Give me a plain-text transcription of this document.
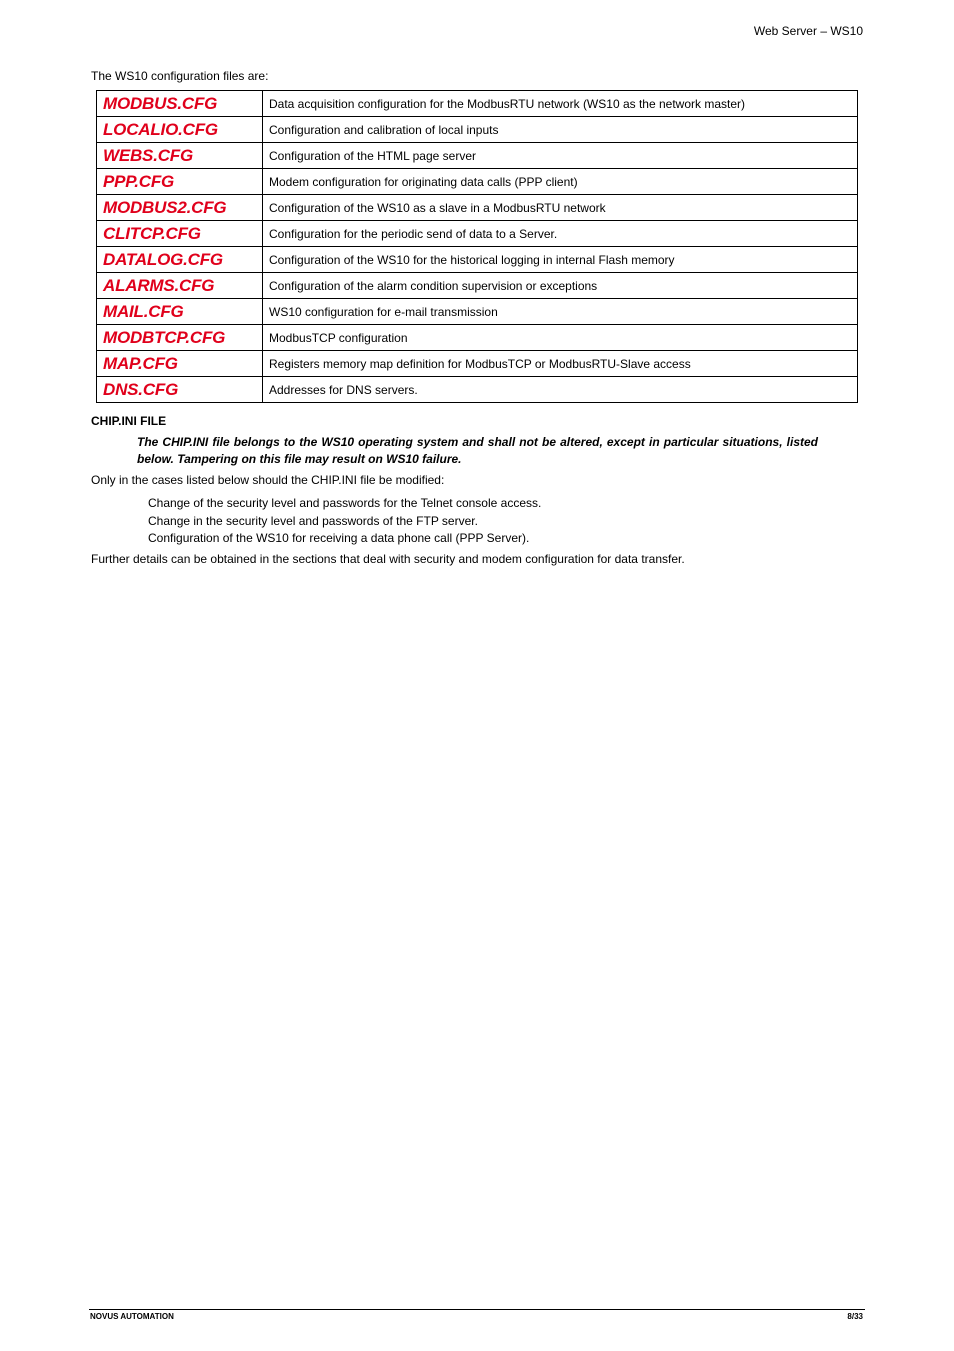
Web Server – WS10
The WS10 configuration files are:
MODBUS.CFG	Data acquisition configuration for the ModbusRTU network (WS10 as the network master)
LOCALIO.CFG	Configuration and calibration of local inputs
WEBS.CFG	Configuration of the HTML page server
PPP.CFG	Modem configuration for originating data calls (PPP client)
MODBUS2.CFG	Configuration of the WS10 as a slave in a ModbusRTU network
CLITCP.CFG	Configuration for the periodic send of data to a Server.
DATALOG.CFG	Configuration of the WS10 for the historical logging in internal Flash memory
ALARMS.CFG	Configuration of the alarm condition supervision or exceptions
MAIL.CFG	WS10 configuration for e-mail transmission
MODBTCP.CFG	ModbusTCP configuration
MAP.CFG	Registers memory map definition for ModbusTCP or ModbusRTU-Slave access
DNS.CFG	Addresses for DNS servers.
CHIP.INI FILE
The CHIP.INI file belongs to the WS10 operating system and shall not be altered, except in particular situations, listed below. Tampering on this file may result on WS10 failure.
Only in the cases listed below should the CHIP.INI file be modified:
Change of the security level and passwords for the Telnet console access.
Change in the security level and passwords of the FTP server.
Configuration of the WS10 for receiving a data phone call (PPP Server).
Further details can be obtained in the sections that deal with security and modem configuration for data transfer.
NOVUS AUTOMATION	8/33
